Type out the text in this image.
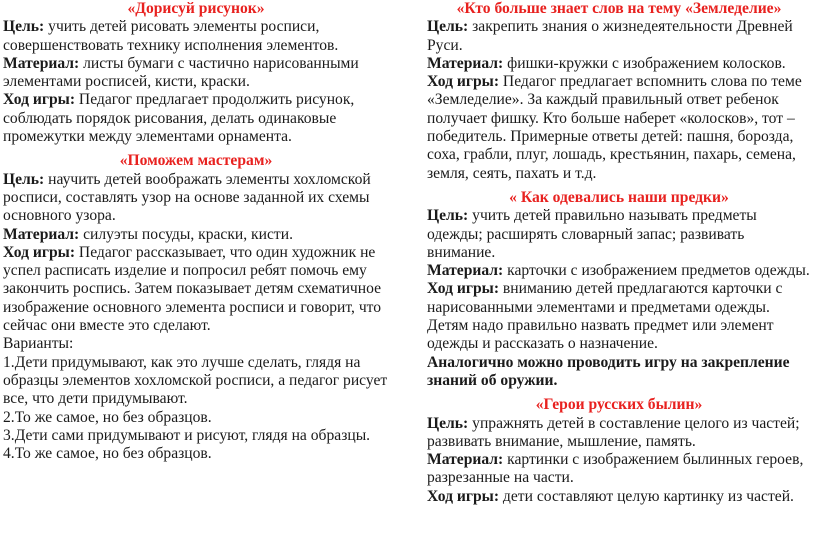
«Дорисуй рисунок»

Цель: учить детей рисовать элементы росписи, совершенствовать технику исполнения элементов.

Материал: листы бумаги с частично нарисованными элементами росписей, кисти, краски.

Ход игры: Педагог предлагает продолжить рисунок, соблюдать порядок рисования, делать одинаковые промежутки между элементами орнамента.

«Поможем мастерам»

Цель: научить детей воображать элементы хохломской росписи, составлять узор на основе заданной их схемы основного узора.

Материал: силуэты посуды, краски, кисти.

Ход игры: Педагог рассказывает, что один художник не успел расписать изделие и попросил ребят помочь ему закончить роспись. Затем показывает детям схематичное изображение основного элемента росписи и говорит, что сейчас они вместе это сделают.

Варианты:

1.Дети придумывают, как это лучше сделать, глядя на образцы элементов хохломской росписи, а педагог рисует все, что дети придумывают.

2.То же самое, но без образцов.

3.Дети сами придумывают и рисуют, глядя на образцы.

4.То же самое, но без образцов.

«Кто больше знает слов на тему «Земледелие»

Цель: закрепить знания о жизнедеятельности Древней Руси.

Материал: фишки-кружки с изображением колосков.

Ход игры: Педагог предлагает вспомнить слова по теме «Земледелие». За каждый правильный ответ ребенок получает фишку. Кто больше наберет «колосков», тот – победитель. Примерные ответы детей: пашня, борозда, соха, грабли, плуг, лошадь, крестьянин, пахарь, семена, земля, сеять, пахать и т.д.

« Как одевались наши предки»

Цель: учить детей правильно называть предметы одежды; расширять словарный запас; развивать внимание.

Материал: карточки с изображением предметов одежды.

Ход игры: вниманию детей предлагаются карточки с нарисованными элементами и предметами одежды. Детям надо правильно назвать предмет или элемент одежды и рассказать о назначение.

Аналогично можно проводить игру на закрепление знаний об оружии.

«Герои русских былин»

Цель: упражнять детей в составление целого из частей; развивать внимание, мышление, память.

Материал: картинки с изображением былинных героев, разрезанные на части.

Ход игры: дети составляют целую картинку из частей.
